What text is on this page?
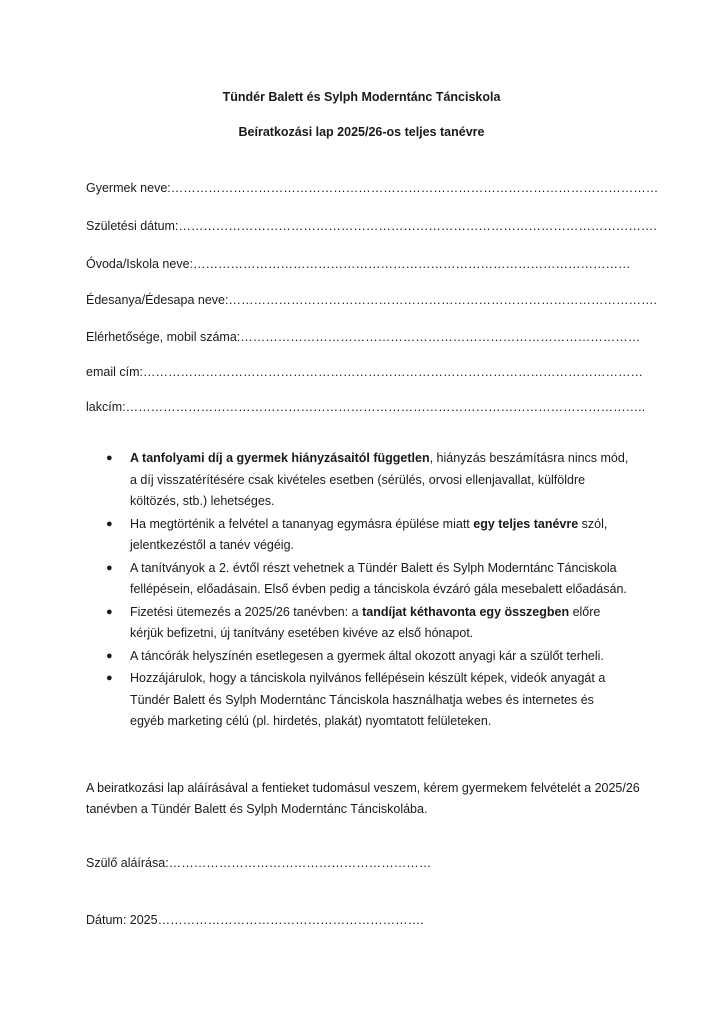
Tündér Balett és Sylph Moderntánc Tánciskola
Beíratkozási lap 2025/26-os teljes tanévre
Gyermek neve:………………………………………………………………………………………………………
Születési dátum:…………………………………………………………………………………………………….
Óvoda/Iskola neve:……………………………………………………………………………………………
Édesanya/Édesapa neve:………………………………………………………………………………………….
Elérhetősége, mobil száma:……………………………………………………………………………………
email cím:…………………………………………………………………………………………………………
lakcím:……………………………………………………………………………………………………………..
● A tanfolyami díj a gyermek hiányzásaitól független, hiányzás beszámításra nincs mód, a díj visszatérítésére csak kivételes esetben (sérülés, orvosi ellenjavallat, külföldre költözés, stb.) lehetséges.
● Ha megtörténik a felvétel a tananyag egymásra épülése miatt egy teljes tanévre szól, jelentkezéstől a tanév végéig.
● A tanítványok a 2. évtől részt vehetnek a Tündér Balett és Sylph Moderntánc Tánciskola fellépésein, előadásain. Első évben pedig a tánciskola évzáró gála mesebalett előadásán.
● Fizetési ütemezés a 2025/26 tanévben: a tandíjat kéthavonta egy összegben előre kérjük befizetni, új tanítvány esetében kivéve az első hónapot.
● A táncórák helyszínén esetlegesen a gyermek által okozott anyagi kár a szülőt terheli.
● Hozzájárulok, hogy a tánciskola nyilvános fellépésein készült képek, videók anyagát a Tündér Balett és Sylph Moderntánc Tánciskola használhatja webes és internetes és egyéb marketing célú (pl. hirdetés, plakát) nyomtatott felületeken.
A beiratkozási lap aláírásával a fentieket tudomásul veszem, kérem gyermekem felvételét a 2025/26 tanévben a Tündér Balett és Sylph Moderntánc Tánciskolába.
Szülő aláírása:………………………………………………………
Dátum: 2025……………………………………………………….
